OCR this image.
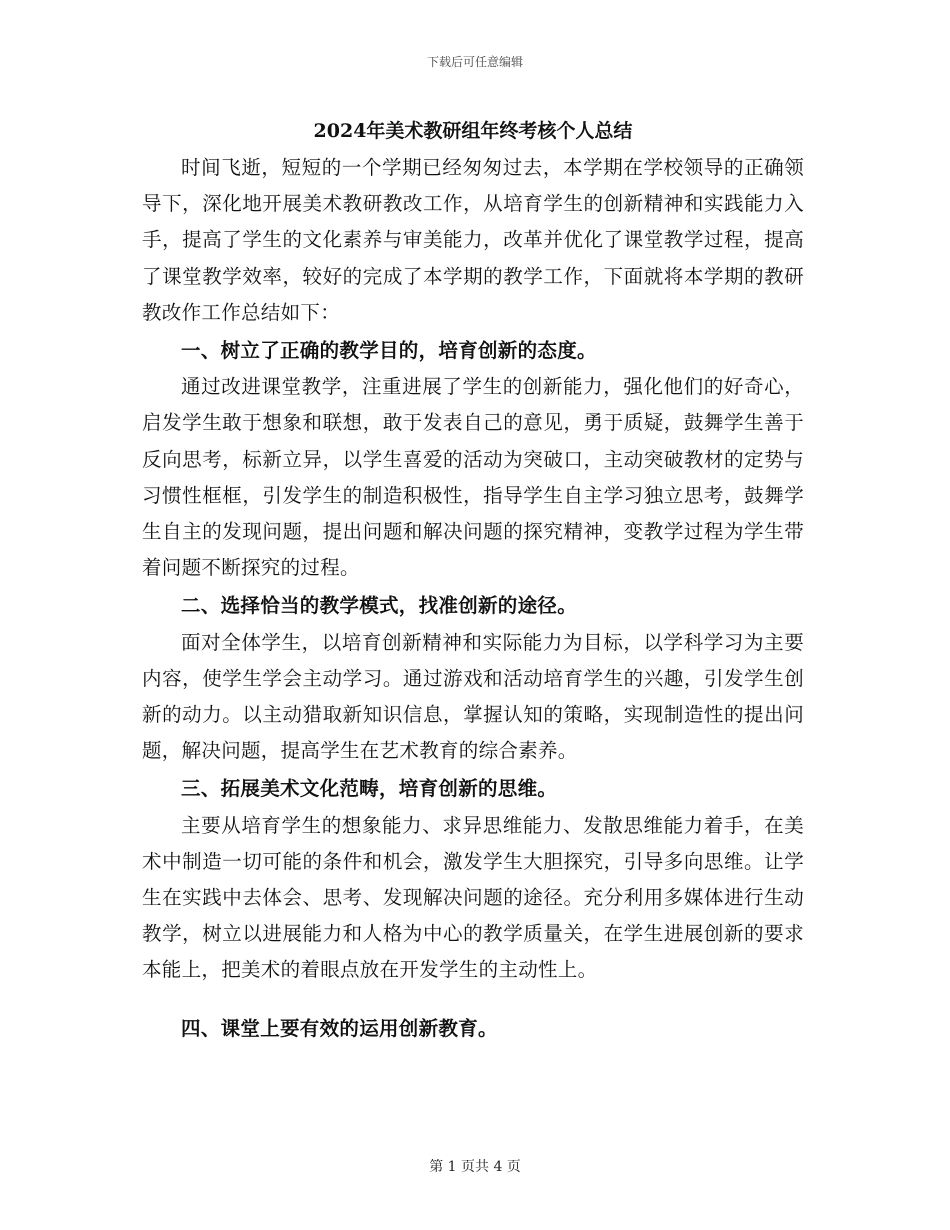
下载后可任意编辑
2024年美术教研组年终考核个人总结

时间飞逝，短短的一个学期已经匆匆过去，本学期在学校领导的正确领导下，深化地开展美术教研教改工作，从培育学生的创新精神和实践能力入手，提高了学生的文化素养与审美能力，改革并优化了课堂教学过程，提高了课堂教学效率，较好的完成了本学期的教学工作，下面就将本学期的教研教改作工作总结如下：

一、树立了正确的教学目的，培育创新的态度。

通过改进课堂教学，注重进展了学生的创新能力，强化他们的好奇心，启发学生敢于想象和联想，敢于发表自己的意见，勇于质疑，鼓舞学生善于反向思考，标新立异，以学生喜爱的活动为突破口，主动突破教材的定势与习惯性框框，引发学生的制造积极性，指导学生自主学习独立思考，鼓舞学生自主的发现问题，提出问题和解决问题的探究精神，变教学过程为学生带着问题不断探究的过程。

二、选择恰当的教学模式，找准创新的途径。

面对全体学生，以培育创新精神和实际能力为目标，以学科学习为主要内容，使学生学会主动学习。通过游戏和活动培育学生的兴趣，引发学生创新的动力。以主动猎取新知识信息，掌握认知的策略，实现制造性的提出问题，解决问题，提高学生在艺术教育的综合素养。

三、拓展美术文化范畴，培育创新的思维。

主要从培育学生的想象能力、求异思维能力、发散思维能力着手，在美术中制造一切可能的条件和机会，激发学生大胆探究，引导多向思维。让学生在实践中去体会、思考、发现解决问题的途径。充分利用多媒体进行生动教学，树立以进展能力和人格为中心的教学质量关，在学生进展创新的要求本能上，把美术的着眼点放在开发学生的主动性上。

四、课堂上要有效的运用创新教育。

第 1 页共 4 页
